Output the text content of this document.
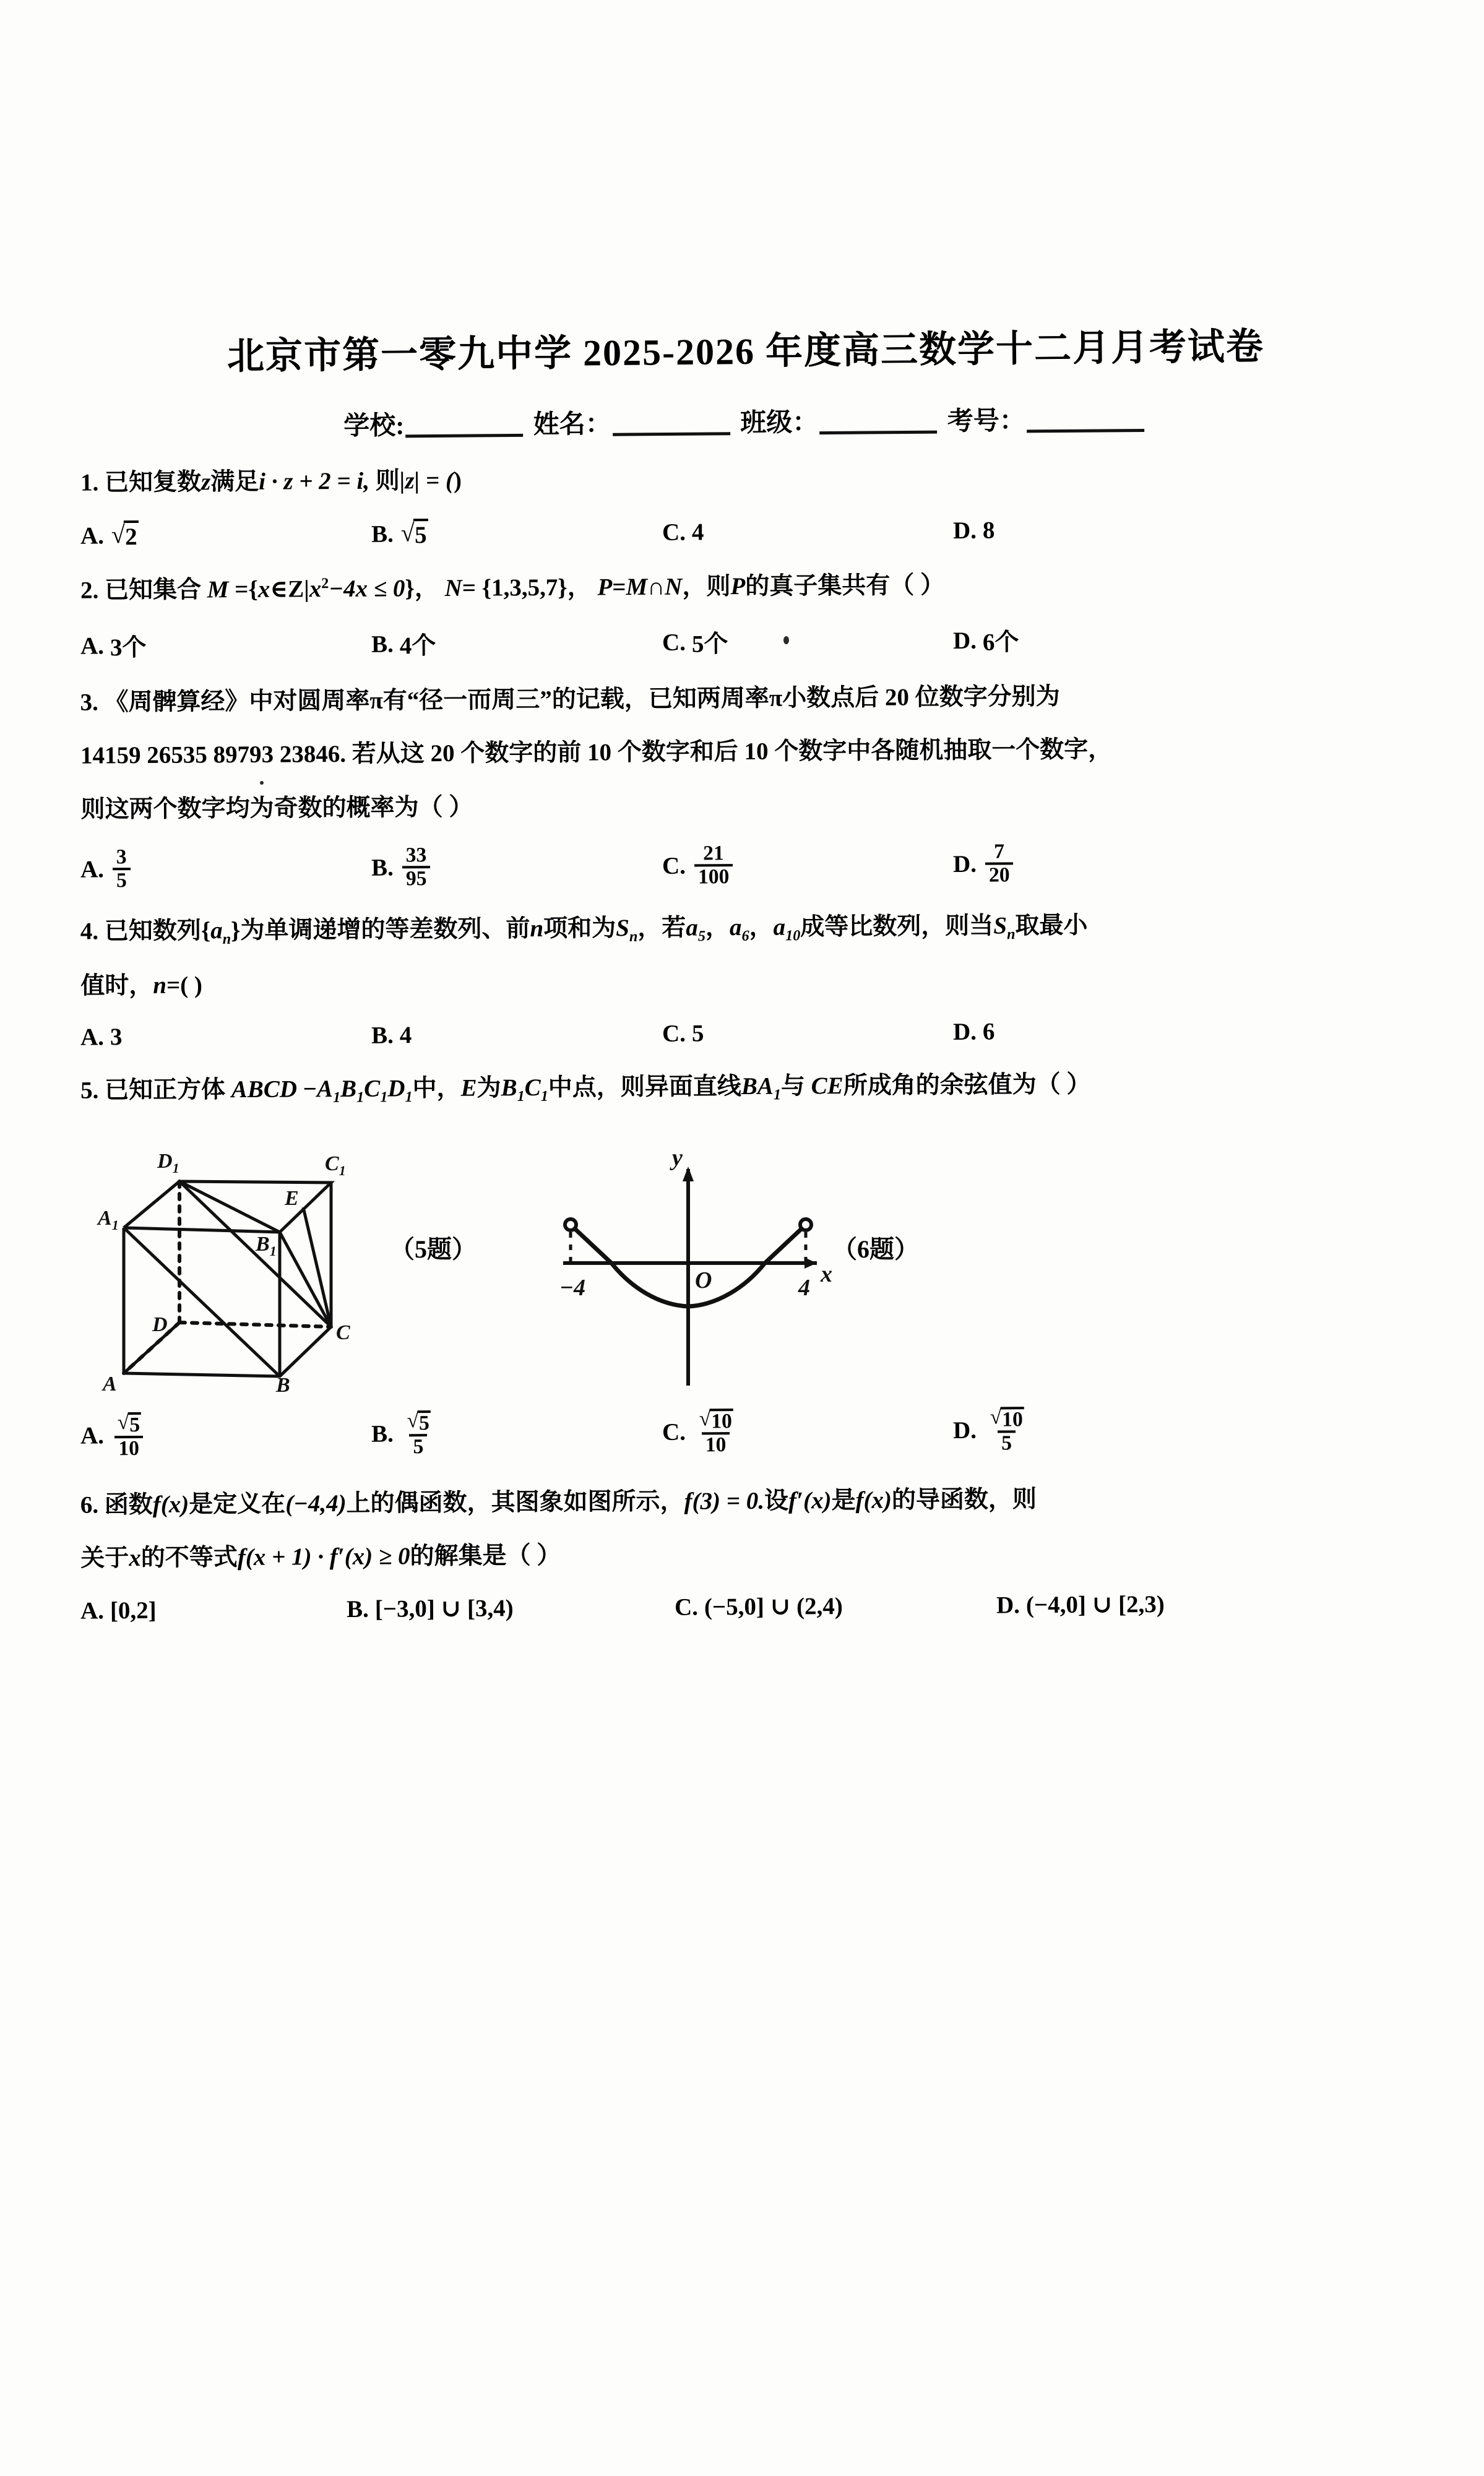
北京市第一零九中学 2025-2026 年度高三数学十二月月考试卷
学校:	姓名：	班级：	考号：
1. 已知复数z满足i · z + 2 = i, 则|z| = ()
A. √ 2	B. √ 5	C. 4	D. 8
2. 已知集合 $M =\{x\in Z|x^2-4x \le 0\}$， N= {1,3,5,7}， P=M∩N，则P的真子集共有（ ）
A. 3个	B. 4个	C. 5个	D. 6个
3. 《周髀算经》中对圆周率π有“径一而周三”的记载，已知两周率π小数点后 20 位数字分别为
14159 26535 89793 23846. 若从这 20 个数字的前 10 个数字和后 10 个数字中各随机抽取一个数字，
则这两个数字均为奇数的概率为（ ）
A. $\frac{3}{5}$	B. $\frac{33}{95}$	C. $\frac{21}{100}$	D. $\frac{7}{20}$
4. 已知数列$\{a_n\}$为单调递增的等差数列、前n项和为$S_n$，若$a_5$，$a_6$，$a_{10}$成等比数列，则当$S_n$取最小
值时，n=( )
A. 3	B. 4	C. 5	D. 6
5. 已知正方体 ABCD $-A_1B_1C_1D_1$中，E为$B_1C_1$中点，则异面直线$BA_1$与 CE所成角的余弦值为（ ）
$D_1$	$C_1$
$A_1$
E
$B_1$
D	C
A	B
（5题）
−4	4
O
y
x
（6题）
A. √ $\frac{5}{10}$	B. √ $\frac{5}{5}$	C. √ $\frac{10}{10}$	D. √ $\frac{10}{5}$
6. 函数f(x)是定义在(−4,4)上的偶函数，其图象如图所示，f(3) = 0.设f′(x)是f(x)的导函数，则
关于x的不等式f(x + 1) · f′(x) ≥ 0的解集是（ ）
A. [0,2]	B. [−3,0] ∪ [3,4)	C. (−5,0] ∪ (2,4)	D. (−4,0] ∪ [2,3)
